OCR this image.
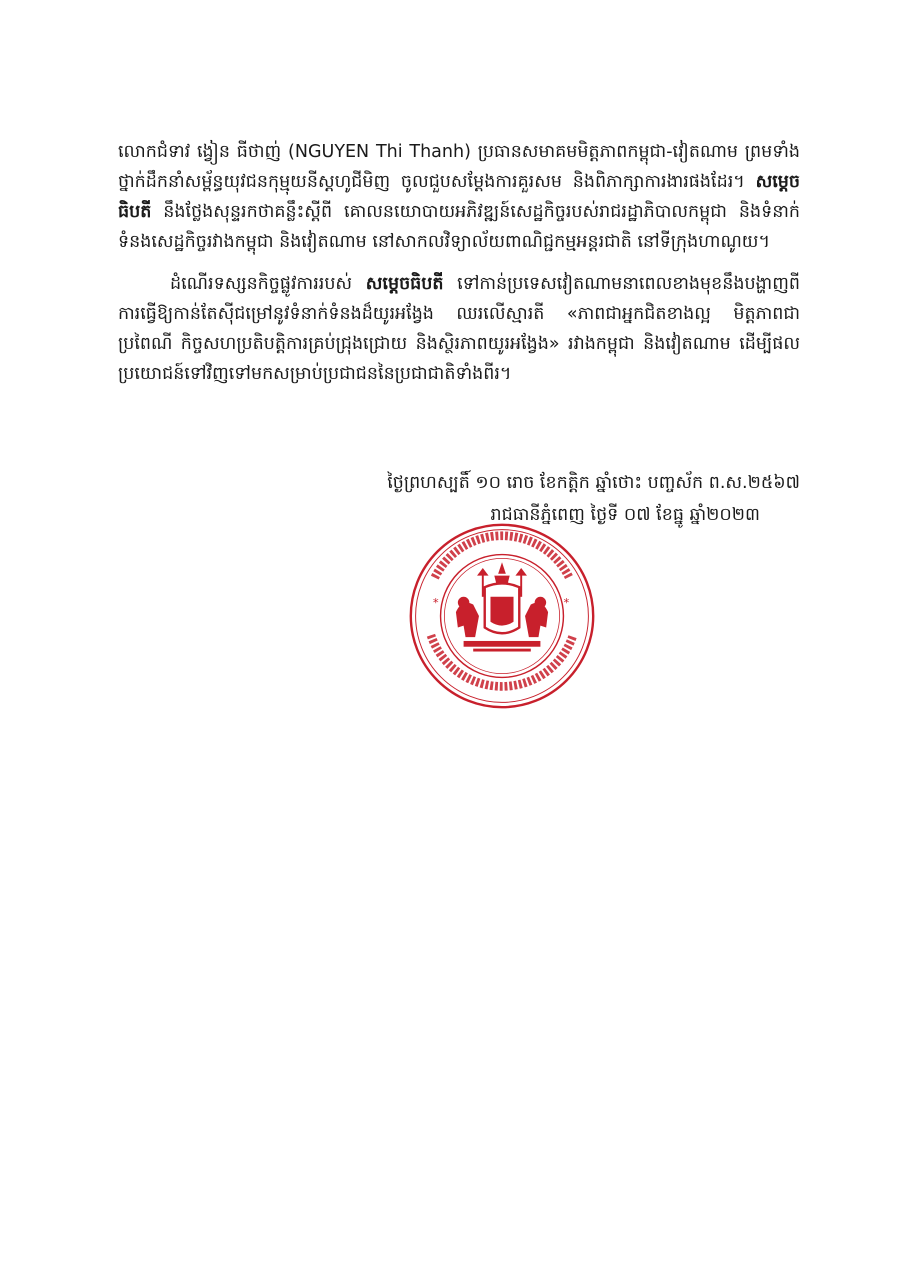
លោកជំទាវ ង្វៀន ធីថាញ់ (NGUYEN Thi Thanh) ប្រធានសមាគមមិត្តភាពកម្ពុជា-វៀតណាម ព្រមទាំងថ្នាក់ដឹកនាំសម្ព័ន្ធយុវជនកុម្មុយនីស្តហូជីមិញ ចូលជួបសម្តែងការគួរសម និងពិភាក្សាការងារផងដែរ។ សម្តេចធិបតី នឹងថ្លែងសុន្ទរកថាគន្លឹះស្តីពី គោលនយោបាយអភិវឌ្ឍន៍សេដ្ឋកិច្ចរបស់រាជរដ្ឋាភិបាលកម្ពុជា និងទំនាក់ទំនងសេដ្ឋកិច្ចរវាងកម្ពុជា និងវៀតណាម នៅសាកលវិទ្យាល័យពាណិជ្ជកម្មអន្តរជាតិ នៅទីក្រុងហាណូយ។

ដំណើរទស្សនកិច្ចផ្លូវការរបស់ សម្តេចធិបតី ទៅកាន់ប្រទេសវៀតណាមនាពេលខាងមុខនឹងបង្ហាញពីការធ្វើឱ្យកាន់តែស៊ីជម្រៅនូវទំនាក់ទំនងដ៏យូរអង្វែង ឈរលើស្មារតី «ភាពជាអ្នកជិតខាងល្អ មិត្តភាពជាប្រពៃណី កិច្ចសហប្រតិបត្តិការគ្រប់ជ្រុងជ្រោយ និងស្ថិរភាពយូរអង្វែង» រវាងកម្ពុជា និងវៀតណាម ដើម្បីផលប្រយោជន៍ទៅវិញទៅមកសម្រាប់ប្រជាជននៃប្រជាជាតិទាំងពីរ។

ថ្ងៃព្រហស្បតិ៍ ១០ រោច ខែកត្តិក ឆ្នាំថោះ បញ្ចស័ក ព.ស.២៥៦៧
រាជធានីភ្នំពេញ ថ្ងៃទី ០៧ ខែធ្នូ ឆ្នាំ២០២៣
*	*
